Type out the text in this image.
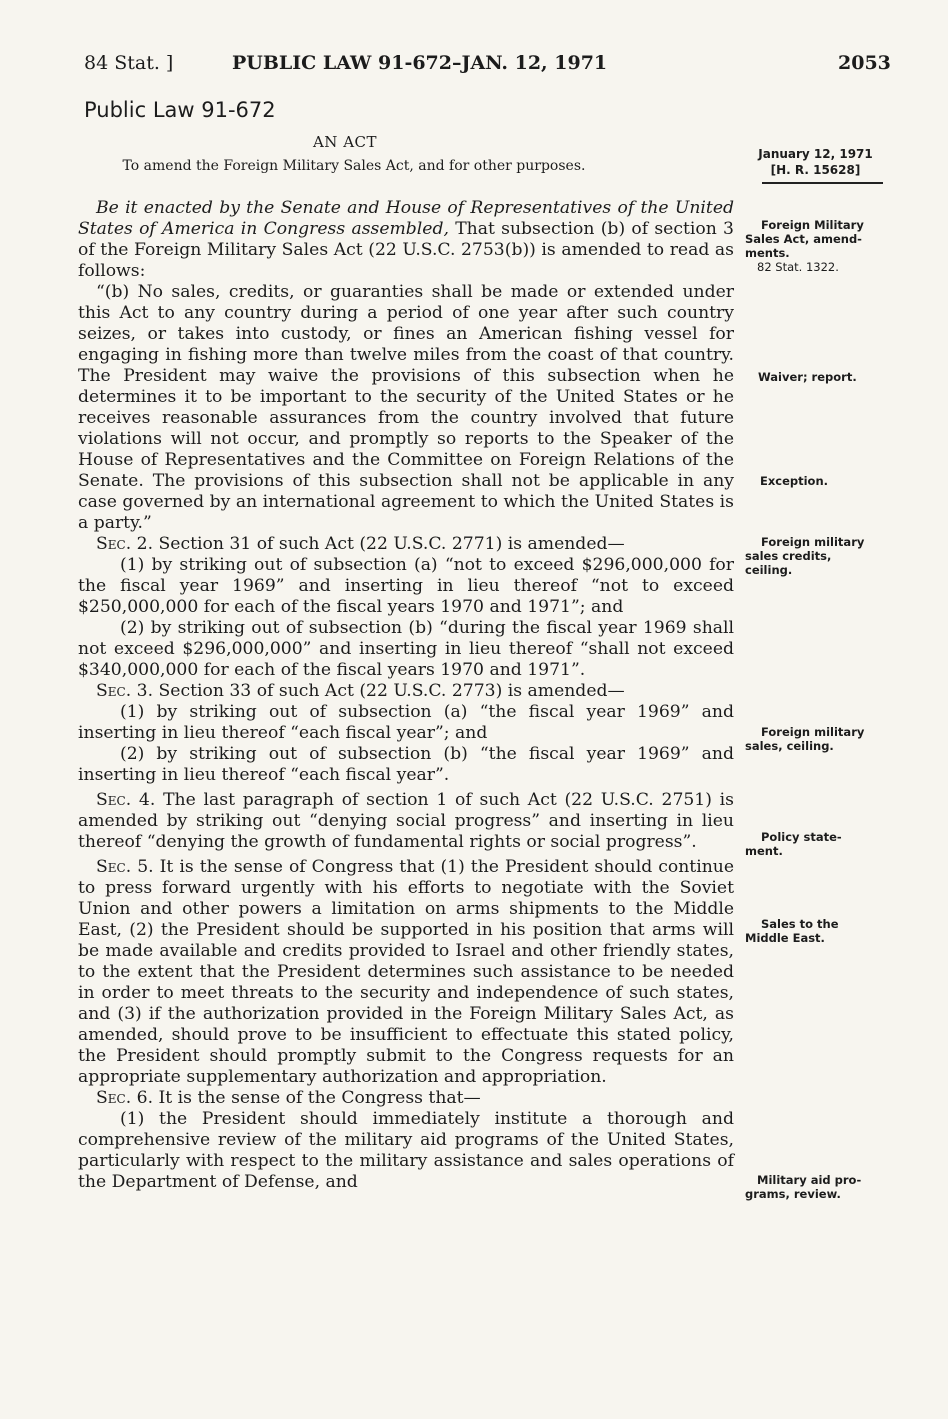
84 Stat. ]	PUBLIC LAW 91-672–JAN. 12, 1971	2053
Public Law 91-672
AN ACT
To amend the Foreign Military Sales Act, and for other purposes.
January 12, 1971
[H. R. 15628]

Be it enacted by the Senate and House of Representatives of the United States of America in Congress assembled, That subsection (b) of section 3 of the Foreign Military Sales Act (22 U.S.C. 2753(b)) is amended to read as follows:

“(b) No sales, credits, or guaranties shall be made or extended under this Act to any country during a period of one year after such country seizes, or takes into custody, or fines an American fishing vessel for engaging in fishing more than twelve miles from the coast of that country. The President may waive the provisions of this subsection when he determines it to be important to the security of the United States or he receives reasonable assurances from the country involved that future violations will not occur, and promptly so reports to the Speaker of the House of Representatives and the Committee on Foreign Relations of the Senate. The provisions of this subsection shall not be applicable in any case governed by an international agreement to which the United States is a party.”

Sec. 2. Section 31 of such Act (22 U.S.C. 2771) is amended—

(1) by striking out of subsection (a) “not to exceed $296,000,000 for the fiscal year 1969” and inserting in lieu thereof “not to exceed $250,000,000 for each of the fiscal years 1970 and 1971”; and

(2) by striking out of subsection (b) “during the fiscal year 1969 shall not exceed $296,000,000” and inserting in lieu thereof “shall not exceed $340,000,000 for each of the fiscal years 1970 and 1971”.

Sec. 3. Section 33 of such Act (22 U.S.C. 2773) is amended—

(1) by striking out of subsection (a) “the fiscal year 1969” and inserting in lieu thereof “each fiscal year”; and

(2) by striking out of subsection (b) “the fiscal year 1969” and inserting in lieu thereof “each fiscal year”.

Sec. 4. The last paragraph of section 1 of such Act (22 U.S.C. 2751) is amended by striking out “denying social progress” and inserting in lieu thereof “denying the growth of fundamental rights or social progress”.

Sec. 5. It is the sense of Congress that (1) the President should continue to press forward urgently with his efforts to negotiate with the Soviet Union and other powers a limitation on arms shipments to the Middle East, (2) the President should be supported in his position that arms will be made available and credits provided to Israel and other friendly states, to the extent that the President determines such assistance to be needed in order to meet threats to the security and independence of such states, and (3) if the authorization provided in the Foreign Military Sales Act, as amended, should prove to be insufficient to effectuate this stated policy, the President should promptly submit to the Congress requests for an appropriate supplementary authorization and appropriation.

Sec. 6. It is the sense of the Congress that—

(1) the President should immediately institute a thorough and comprehensive review of the military aid programs of the United States, particularly with respect to the military assistance and sales operations of the Department of Defense, and

Foreign Military
Sales Act, amend-
ments.
82 Stat. 1322.
Waiver; report.
Exception.
Foreign military
sales credits,
ceiling.
Foreign military
sales, ceiling.
Policy state-
ment.
Sales to the
Middle East.
Military aid pro-
grams, review.
